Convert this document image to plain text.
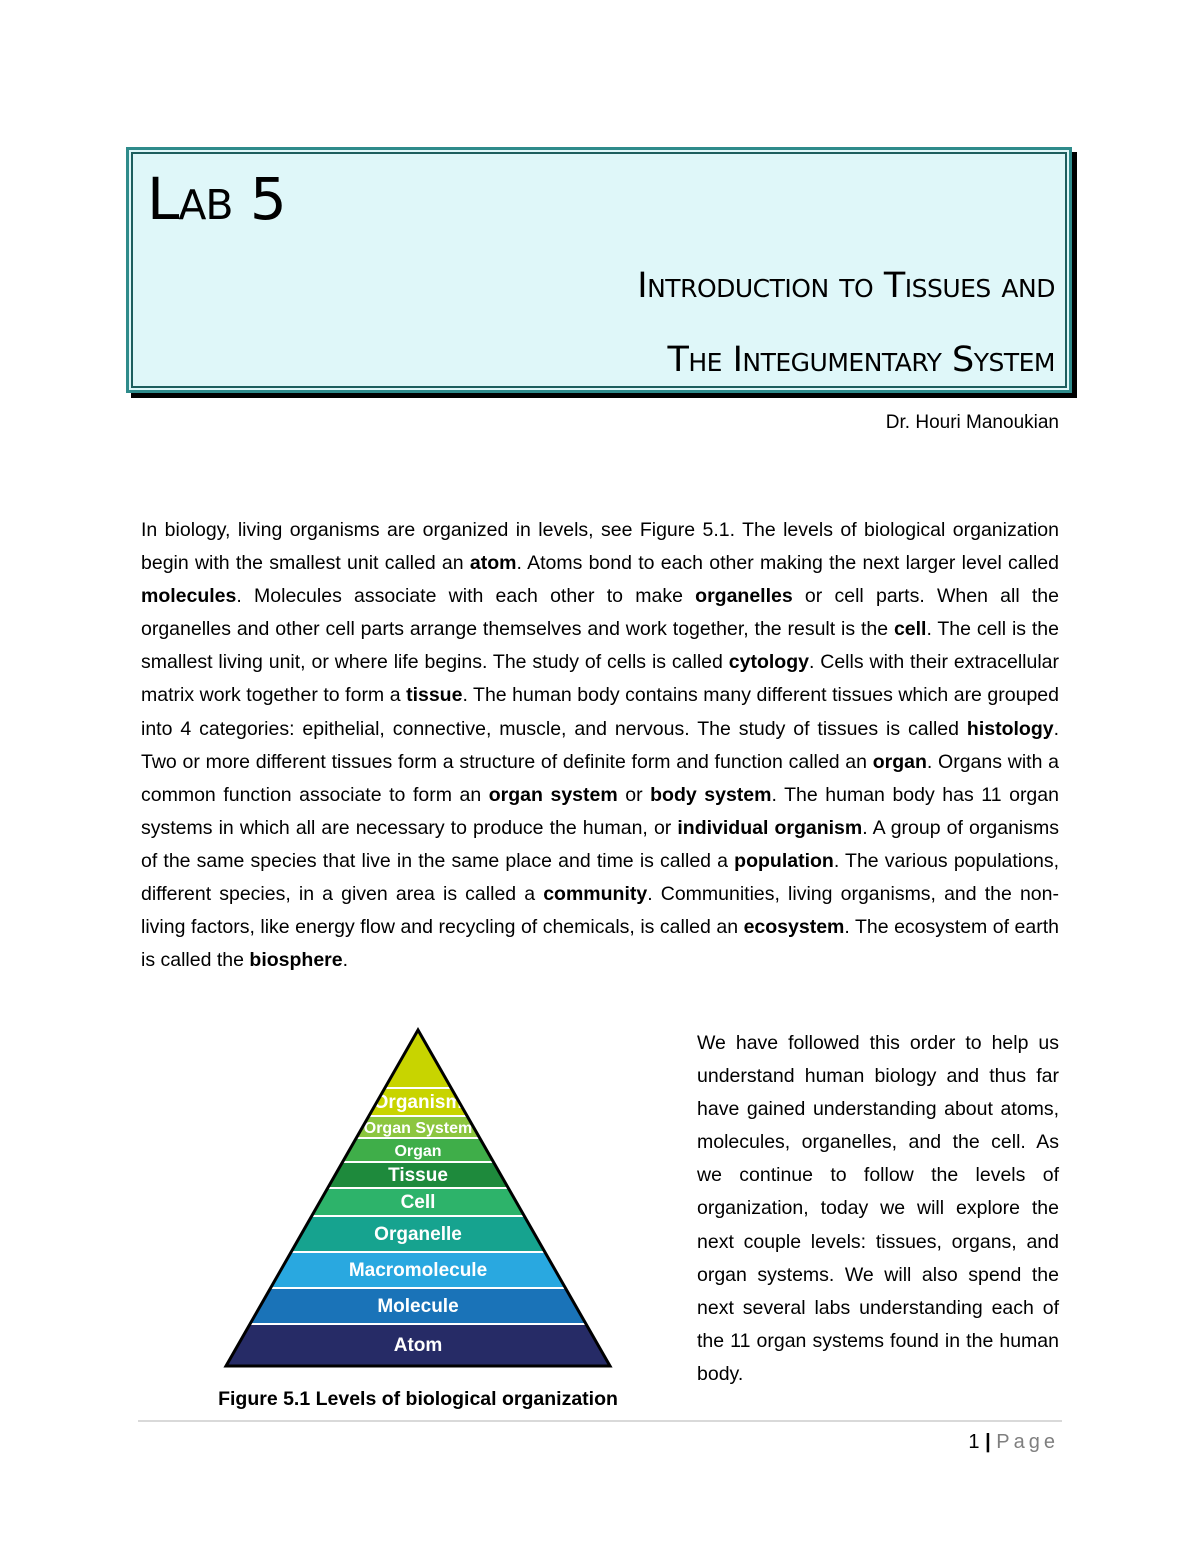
Lab 5
Introduction to Tissues and
The Integumentary System
Dr. Houri Manoukian

In biology, living organisms are organized in levels, see Figure 5.1. The levels of biological organization begin with the smallest unit called an atom. Atoms bond to each other making the next larger level called molecules. Molecules associate with each other to make organelles or cell parts. When all the organelles and other cell parts arrange themselves and work together, the result is the cell. The cell is the smallest living unit, or where life begins. The study of cells is called cytology. Cells with their extracellular matrix work together to form a tissue. The human body contains many different tissues which are grouped into 4 categories: epithelial, connective, muscle, and nervous. The study of tissues is called histology. Two or more different tissues form a structure of definite form and function called an organ. Organs with a common function associate to form an organ system or body system. The human body has 11 organ systems in which all are necessary to produce the human, or individual organism. A group of organisms of the same species that live in the same place and time is called a population. The various populations, different species, in a given area is called a community. Communities, living organisms, and the non-living factors, like energy flow and recycling of chemicals, is called an ecosystem. The ecosystem of earth is called the biosphere.

Organism
Organ System
Organ
Tissue
Cell
Organelle
Macromolecule
Molecule
Atom
Figure 5.1 Levels of biological organization

We have followed this order to help us understand human biology and thus far have gained understanding about atoms, molecules, organelles, and the cell. As we continue to follow the levels of organization, today we will explore the next couple levels: tissues, organs, and organ systems. We will also spend the next several labs understanding each of the 11 organ systems found in the human body.

1 | Page
